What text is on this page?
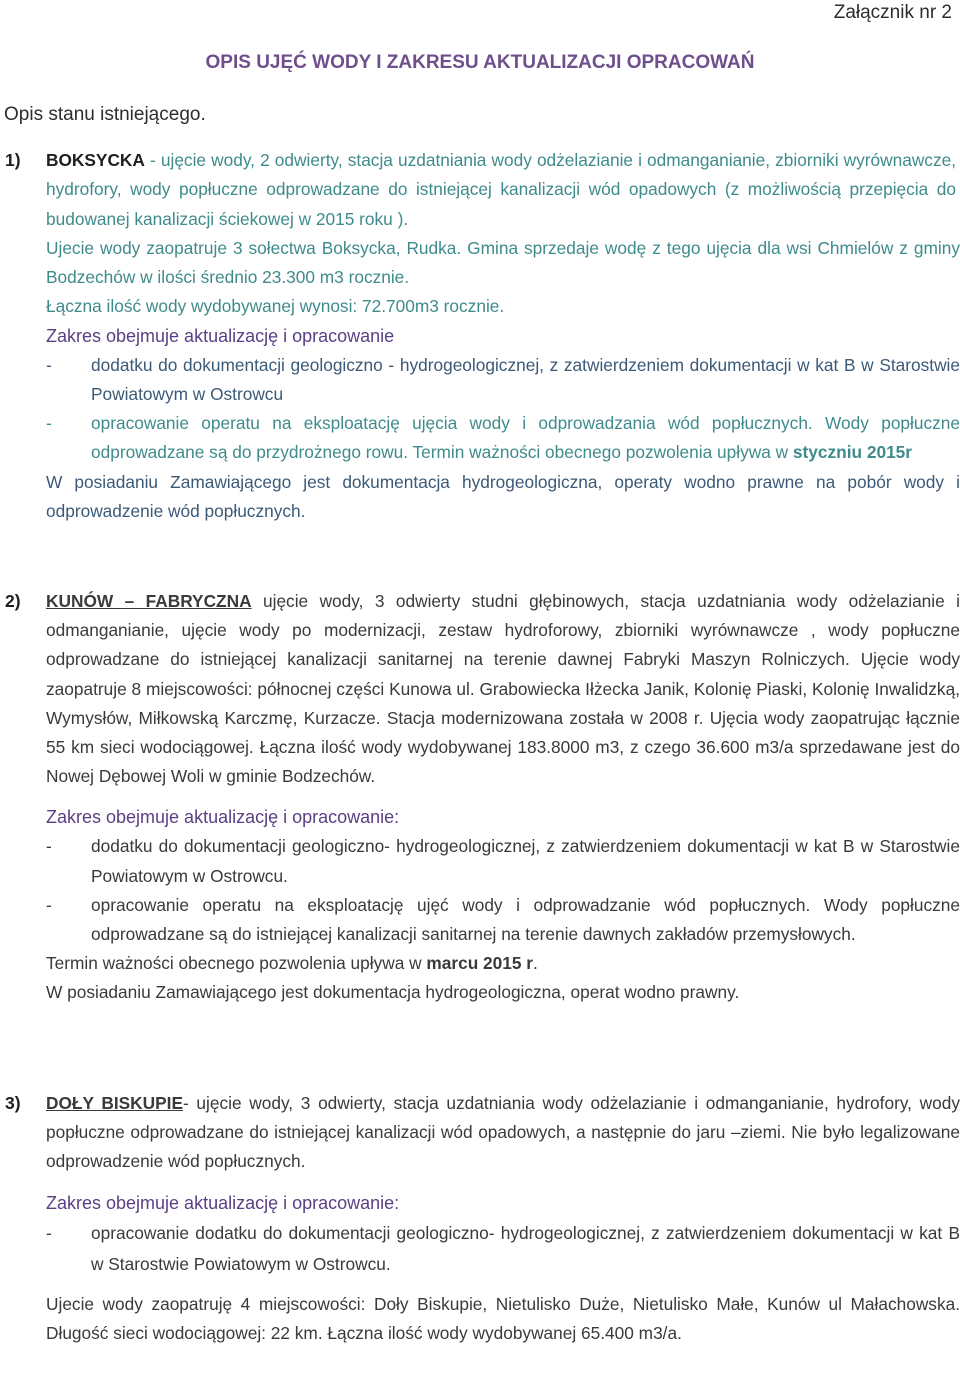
Załącznik nr 2
OPIS UJĘĆ WODY I ZAKRESU AKTUALIZACJI OPRACOWAŃ
Opis stanu istniejącego.
1) BOKSYCKA - ujęcie wody, 2 odwierty, stacja uzdatniania wody odżelazianie i odmanganianie, zbiorniki wyrównawcze, hydrofory, wody popłuczne odprowadzane do istniejącej kanalizacji wód opadowych (z możliwością przepięcia do budowanej kanalizacji ściekowej w 2015 roku ).

Ujecie wody zaopatruje 3 sołectwa Boksycka, Rudka. Gmina sprzedaje wodę z tego ujęcia dla wsi Chmielów z gminy Bodzechów w ilości średnio 23.300 m3 rocznie.

Łączna ilość wody wydobywanej wynosi: 72.700m3 rocznie.

Zakres obejmuje aktualizację i opracowanie

- dodatku do dokumentacji geologiczno - hydrogeologicznej, z zatwierdzeniem dokumentacji w kat B w Starostwie Powiatowym w Ostrowcu

- opracowanie operatu na eksploatację ujęcia wody i odprowadzania wód popłucznych. Wody popłuczne odprowadzane są do przydrożnego rowu. Termin ważności obecnego pozwolenia upływa w styczniu 2015r

W posiadaniu Zamawiającego jest dokumentacja hydrogeologiczna, operaty wodno prawne na pobór wody i odprowadzenie wód popłucznych.

2) KUNÓW – FABRYCZNA ujęcie wody, 3 odwierty studni głębinowych, stacja uzdatniania wody odżelazianie i odmanganianie, ujęcie wody po modernizacji, zestaw hydroforowy, zbiorniki wyrównawcze , wody popłuczne odprowadzane do istniejącej kanalizacji sanitarnej na terenie dawnej Fabryki Maszyn Rolniczych. Ujęcie wody zaopatruje 8 miejscowości: północnej części Kunowa ul. Grabowiecka Iłżecka Janik, Kolonię Piaski, Kolonię Inwalidzką, Wymysłów, Miłkowską Karczmę, Kurzacze. Stacja modernizowana została w 2008 r. Ujęcia wody zaopatrując łącznie 55 km sieci wodociągowej. Łączna ilość wody wydobywanej 183.8000 m3, z czego 36.600 m3/a sprzedawane jest do Nowej Dębowej Woli w gminie Bodzechów.

Zakres obejmuje aktualizację i opracowanie:

- dodatku do dokumentacji geologiczno- hydrogeologicznej, z zatwierdzeniem dokumentacji w kat B w Starostwie Powiatowym w Ostrowcu.

- opracowanie operatu na eksploatację ujęć wody i odprowadzanie wód popłucznych. Wody popłuczne odprowadzane są do istniejącej kanalizacji sanitarnej na terenie dawnych zakładów przemysłowych.

Termin ważności obecnego pozwolenia upływa w marcu 2015 r.

W posiadaniu Zamawiającego jest dokumentacja hydrogeologiczna, operat wodno prawny.

3) DOŁY BISKUPIE- ujęcie wody, 3 odwierty, stacja uzdatniania wody odżelazianie i odmanganianie, hydrofory, wody popłuczne odprowadzane do istniejącej kanalizacji wód opadowych, a następnie do jaru –ziemi. Nie było legalizowane odprowadzenie wód popłucznych.

Zakres obejmuje aktualizację i opracowanie:

- opracowanie dodatku do dokumentacji geologiczno- hydrogeologicznej, z zatwierdzeniem dokumentacji w kat B w Starostwie Powiatowym w Ostrowcu.

Ujecie wody zaopatruję 4 miejscowości: Doły Biskupie, Nietulisko Duże, Nietulisko Małe, Kunów ul Małachowska. Długość sieci wodociągowej: 22 km. Łączna ilość wody wydobywanej 65.400 m3/a.
